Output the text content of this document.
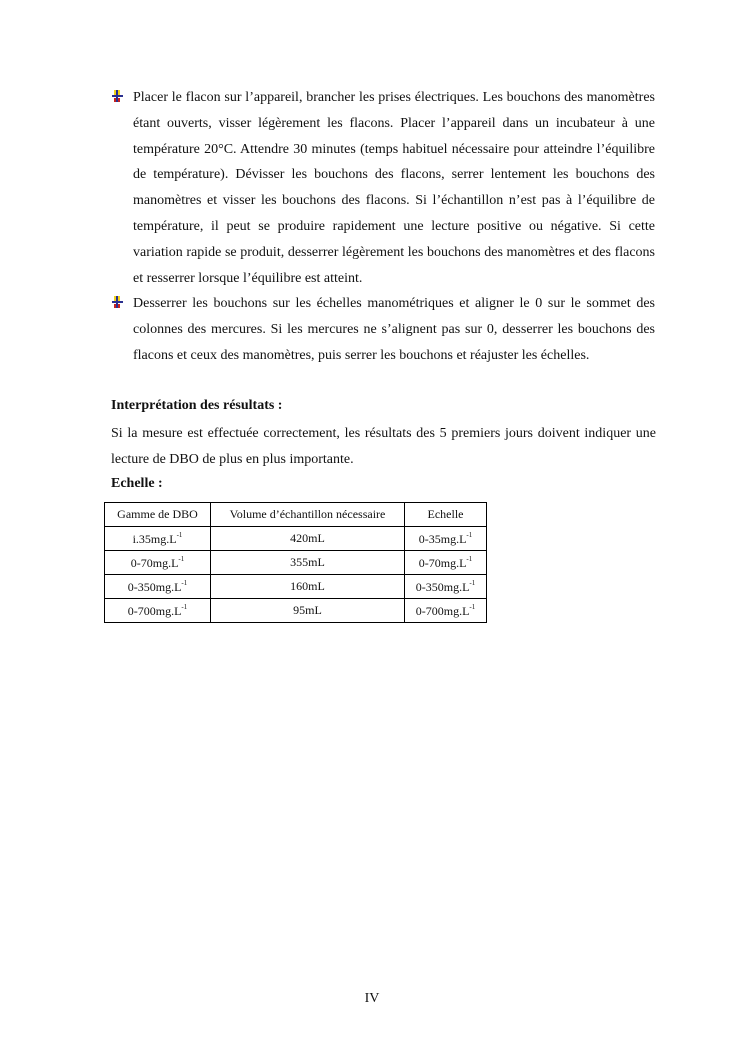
Placer le flacon sur l’appareil, brancher les prises électriques. Les bouchons des manomètres étant ouverts, visser légèrement les flacons. Placer l’appareil dans un incubateur à une température 20°C. Attendre 30 minutes (temps habituel nécessaire pour atteindre l’équilibre de température). Dévisser les bouchons des flacons, serrer lentement les bouchons des manomètres et visser les bouchons des flacons. Si l’échantillon n’est pas à l’équilibre de température, il peut se produire rapidement une lecture positive ou négative. Si cette variation rapide se produit, desserrer légèrement les bouchons des manomètres et des flacons et resserrer lorsque l’équilibre est atteint.
Desserrer les bouchons sur les échelles manométriques et aligner le 0 sur le sommet des colonnes des mercures. Si les mercures ne s’alignent pas sur 0, desserrer les bouchons des flacons et ceux des manomètres, puis serrer les bouchons et réajuster les échelles.
Interprétation des résultats :
Si la mesure est effectuée correctement, les résultats des 5 premiers jours doivent indiquer une lecture de DBO de plus en plus importante.
Echelle :
Gamme de DBO	Volume d’échantillon nécessaire	Echelle
$i.35mg.L^{-1}$	420mL	$0-35mg.L^{-1}$
$0-70mg.L^{-1}$	355mL	$0-70mg.L^{-1}$
$0-350mg.L^{-1}$	160mL	$0-350mg.L^{-1}$
$0-700mg.L^{-1}$	95mL	$0-700mg.L^{-1}$
IV
